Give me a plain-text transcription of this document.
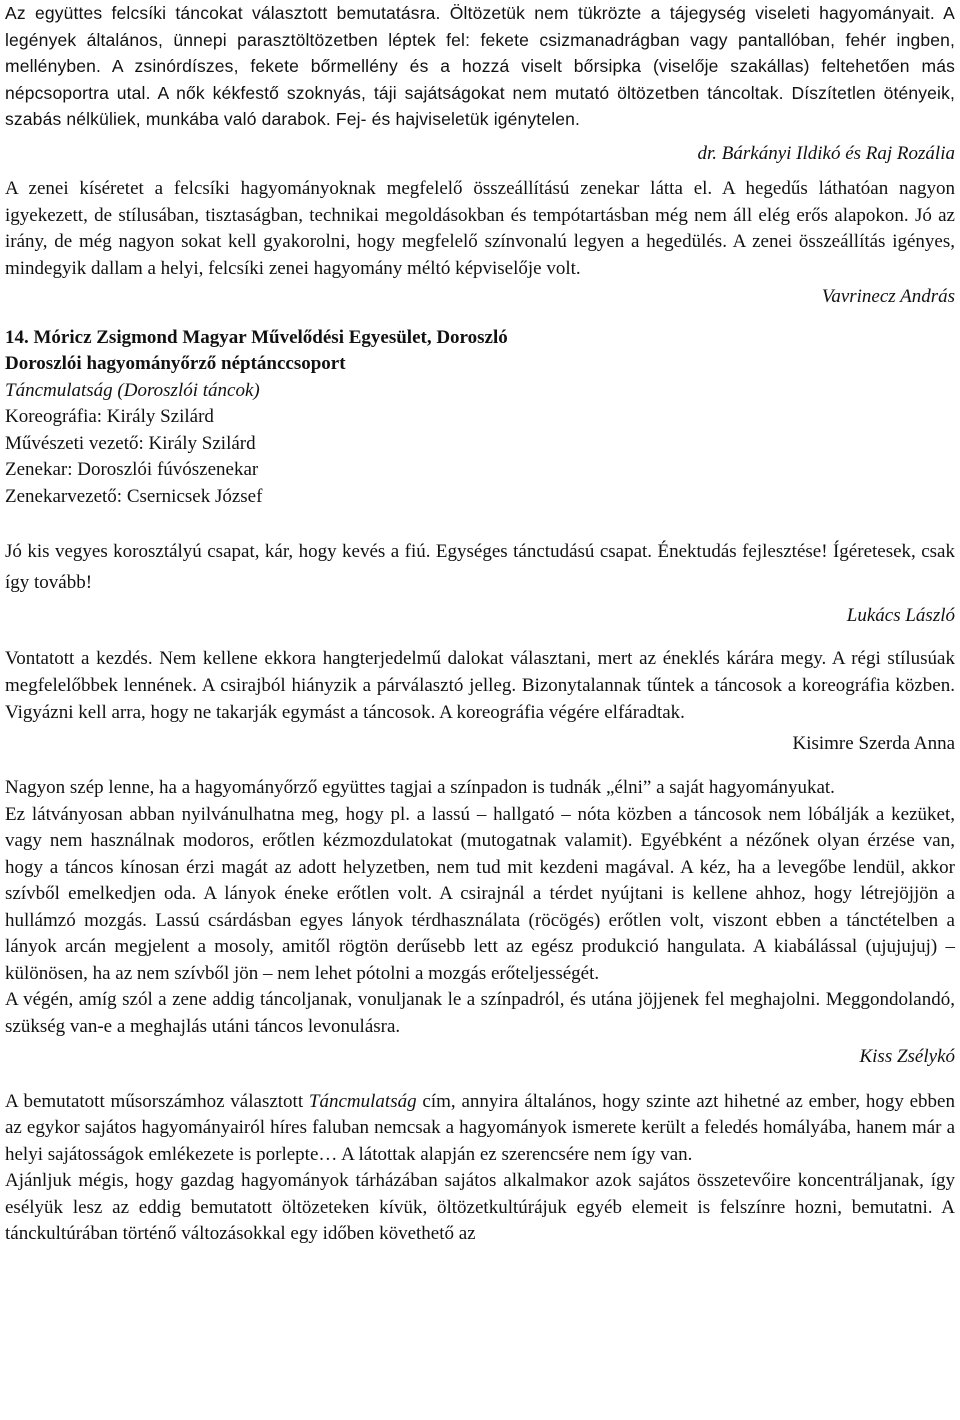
Az együttes felcsíki táncokat választott bemutatásra. Öltözetük nem tükrözte a tájegység viseleti hagyományait. A legények általános, ünnepi parasztöltözetben léptek fel: fekete csizmanadrágban vagy pantallóban, fehér ingben, mellényben. A zsinórdíszes, fekete bőrmellény és a hozzá viselt bőrsipka (viselője szakállas) feltehetően más népcsoportra utal. A nők kékfestő szoknyás, táji sajátságokat nem mutató öltözetben táncoltak. Díszítetlen ötényeik, szabás nélküliek, munkába való darabok. Fej- és hajviseletük igénytelen.

dr. Bárkányi Ildikó és Raj Rozália

A zenei kíséretet a felcsíki hagyományoknak megfelelő összeállítású zenekar látta el. A hegedűs láthatóan nagyon igyekezett, de stílusában, tisztaságban, technikai megoldásokban és tempótartásban még nem áll elég erős alapokon. Jó az irány, de még nagyon sokat kell gyakorolni, hogy megfelelő színvonalú legyen a hegedülés. A zenei összeállítás igényes, mindegyik dallam a helyi, felcsíki zenei hagyomány méltó képviselője volt.

Vavrinecz András

14. Móricz Zsigmond Magyar Művelődési Egyesület, Doroszló
Doroszlói hagyományőrző néptánccsoport
Táncmulatság (Doroszlói táncok)
Koreográfia: Király Szilárd
Művészeti vezető: Király Szilárd
Zenekar: Doroszlói fúvószenekar
Zenekarvezető: Csernicsek József

Jó kis vegyes korosztályú csapat, kár, hogy kevés a fiú. Egységes tánctudású csapat. Énektudás fejlesztése! Ígéretesek, csak így tovább!

Lukács László

Vontatott a kezdés. Nem kellene ekkora hangterjedelmű dalokat választani, mert az éneklés kárára megy. A régi stílusúak megfelelőbbek lennének. A csirajból hiányzik a párválasztó jelleg. Bizonytalannak tűntek a táncosok a koreográfia közben. Vigyázni kell arra, hogy ne takarják egymást a táncosok. A koreográfia végére elfáradtak.

Kisimre Szerda Anna

Nagyon szép lenne, ha a hagyományőrző együttes tagjai a színpadon is tudnák „élni” a saját hagyományukat.

Ez látványosan abban nyilvánulhatna meg, hogy pl. a lassú – hallgató – nóta közben a táncosok nem lóbálják a kezüket, vagy nem használnak modoros, erőtlen kézmozdulatokat (mutogatnak valamit). Egyébként a nézőnek olyan érzése van, hogy a táncos kínosan érzi magát az adott helyzetben, nem tud mit kezdeni magával. A kéz, ha a levegőbe lendül, akkor szívből emelkedjen oda. A lányok éneke erőtlen volt. A csirajnál a térdet nyújtani is kellene ahhoz, hogy létrejöjjön a hullámzó mozgás. Lassú csárdásban egyes lányok térdhasználata (röcögés) erőtlen volt, viszont ebben a tánctételben a lányok arcán megjelent a mosoly, amitől rögtön derűsebb lett az egész produkció hangulata. A kiabálással (ujujujuj) – különösen, ha az nem szívből jön – nem lehet pótolni a mozgás erőteljességét.

A végén, amíg szól a zene addig táncoljanak, vonuljanak le a színpadról, és utána jöjjenek fel meghajolni. Meggondolandó, szükség van-e a meghajlás utáni táncos levonulásra.

Kiss Zsélykó

A bemutatott műsorszámhoz választott Táncmulatság cím, annyira általános, hogy szinte azt hihetné az ember, hogy ebben az egykor sajátos hagyományairól híres faluban nemcsak a hagyományok ismerete került a feledés homályába, hanem már a helyi sajátosságok emlékezete is porlepte… A látottak alapján ez szerencsére nem így van.

Ajánljuk mégis, hogy gazdag hagyományok tárházában sajátos alkalmakor azok sajátos összetevőire koncentráljanak, így esélyük lesz az eddig bemutatott öltözeteken kívük, öltözetkultúrájuk egyéb elemeit is felszínre hozni, bemutatni. A tánckultúrában történő változásokkal egy időben követhető az
